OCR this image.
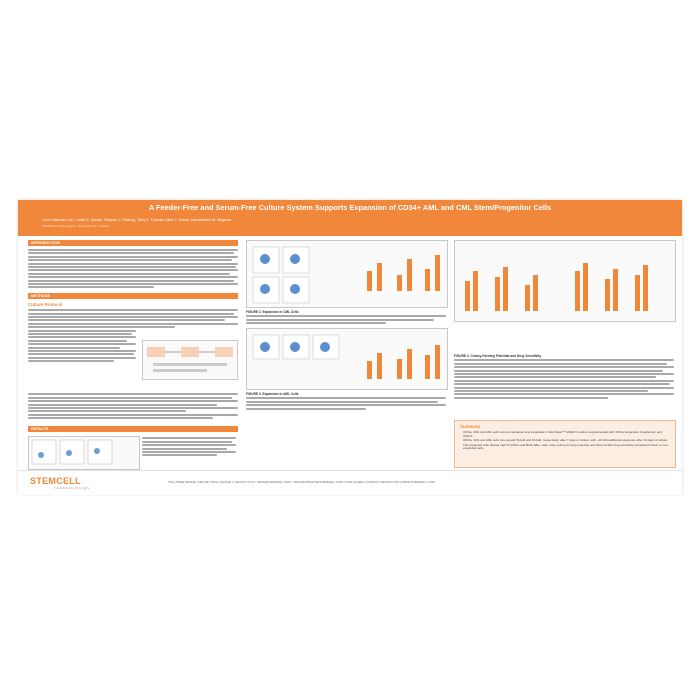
A Feeder-Free and Serum-Free Culture System Supports Expansion of CD34+ AML and CML Stem/Progenitor Cells
Leon Hakimian Loh, Louise E. Sunshr, Stephen J. Ellsburg, Terry E. Thomas, Allen C. Eaves, and Albertus W. Wognum
STEMCELL Technologies, Vancouver BC, Canada
INTRODUCTION
METHODS
Culture Protocol
RESULTS
FIGURE 2. Expansion in CML Cells
FIGURE 3. Expansion in AML Cells
FIGURE 4. Colony-Forming Potential and Drug Sensitivity
Summary
CD34+ CML and AML cells can be maintained and expanded in StemSpan™ SFEM II medium supplemented with CD34+ Expansion Supplement and UM171.
CD34+ CML and AML cells can expand 50-fold and 20-fold, respectively, after 7 days of culture, with ~10-fold additional expansion after 14 days of culture.
The expanded cells display high % CD34+ and BCR-ABL+ cells, have colony-forming potential, and show similar drug sensitivity compared to fresh or non-expanded cells.
STEMCELL
TECHNOLOGIES
TOLL FREE PHONE 1 800 667 0322 • PHONE +1 604 877 0713 • INFO@STEMCELL.COM • TECHSUPPORT@STEMCELL.COM • FOR GLOBAL CONTACT DETAILS VISIT WWW.STEMCELL.COM
